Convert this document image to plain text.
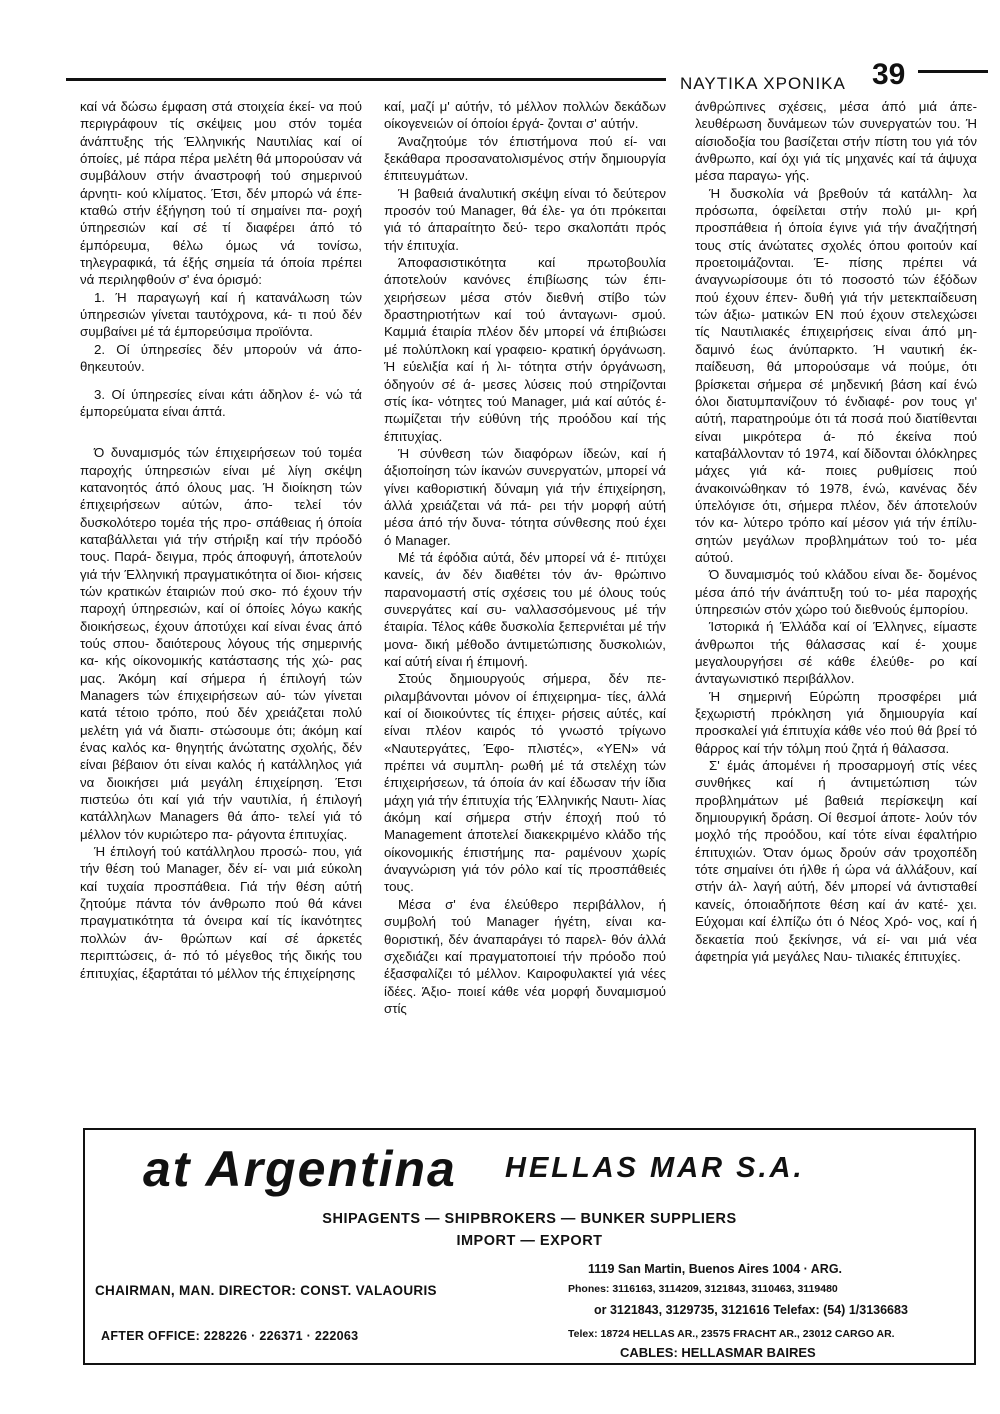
ΝΑΥΤΙΚΑ ΧΡΟΝΙΚΑ 39

καί νά δώσω έμφαση στά στοιχεία έκεί- να πού περιγράφουν τίς σκέψεις μου στόν τομέα άνάπτυξης τής Έλληνικής Ναυτιλίας καί οί όποίες, μέ πάρα πέρα μελέτη θά μπορούσαν νά συμβάλουν στήν άναστροφή τού σημερινού άρνητι- κού κλίματος. Έτσι, δέν μπορώ νά έπε- κταθώ στήν έξήγηση τού τί σημαίνει πα- ροχή ύπηρεσιών καί σέ τί διαφέρει άπό τό έμπόρευμα, θέλω όμως νά τονίσω, τηλεγραφικά, τά έξής σημεία τά όποία πρέπει νά περιληφθούν σ' ένα όρισμό:

1. Ή παραγωγή καί ή κατανάλωση τών ύπηρεσιών γίνεται ταυτόχρονα, κά- τι πού δέν συμβαίνει μέ τά έμπορεύσιμα προϊόντα.

2. Οί ύπηρεσίες δέν μπορούν νά άπο- θηκευτούν.

3. Οί ύπηρεσίες είναι κάτι άδηλον έ- νώ τά έμπορεύματα είναι άπτά.

Ό δυναμισμός τών έπιχειρήσεων τού τομέα παροχής ύπηρεσιών είναι μέ λίγη σκέψη κατανοητός άπό όλους μας. Ή διοίκηση τών έπιχειρήσεων αύτών, άπο- τελεί τόν δυσκολότερο τομέα τής προ- σπάθειας ή όποία καταβάλλεται γιά τήν στήριξη καί τήν πρόοδό τους. Παρά- δειγμα, πρός άποφυγή, άποτελούν γιά τήν Έλληνική πραγματικότητα οί διοι- κήσεις τών κρατικών έταιριών πού σκο- πό έχουν τήν παροχή ύπηρεσιών, καί οί όποίες λόγω κακής διοικήσεως, έχουν άποτύχει καί είναι ένας άπό τούς σπου- δαιότερους λόγους τής σημερινής κα- κής οίκονομικής κατάστασης τής χώ- ρας μας. Άκόμη καί σήμερα ή έπιλογή τών Managers τών έπιχειρήσεων αύ- τών γίνεται κατά τέτοιο τρόπο, πού δέν χρειάζεται πολύ μελέτη γιά νά διαπι- στώσουμε ότι; άκόμη καί ένας καλός κα- θηγητής άνώτατης σχολής, δέν είναι βέβαιον ότι είναι καλός ή κατάλληλος γιά να διοικήσει μιά μεγάλη έπιχείρηση. Έτσι πιστεύω ότι καί γιά τήν ναυτιλία, ή έπιλογή κατάλληλων Managers θά άπο- τελεί γιά τό μέλλον τόν κυριώτερο πα- ράγοντα έπιτυχίας.

Ή έπιλογή τού κατάλληλου προσώ- που, γιά τήν θέση τού Manager, δέν εί- ναι μιά εύκολη καί τυχαία προσπάθεια. Γιά τήν θέση αύτή ζητούμε πάντα τόν άνθρωπο πού θά κάνει πραγματικότητα τά όνειρα καί τίς ίκανότητες πολλών άν- θρώπων καί σέ άρκετές περιπτώσεις, ά- πό τό μέγεθος τής δικής του έπιτυχίας, έξαρτάται τό μέλλον τής έπιχείρησης

καί, μαζί μ' αύτήν, τό μέλλον πολλών δεκάδων οίκογενειών οί όποίοι έργά- ζονται σ' αύτήν.

Άναζητούμε τόν έπιστήμονα πού εί- ναι ξεκάθαρα προσανατολισμένος στήν δημιουργία έπιτευγμάτων.

Ή βαθειά άναλυτική σκέψη είναι τό δεύτερον προσόν τού Manager, θά έλε- γα ότι πρόκειται γιά τό άπαραίτητο δεύ- τερο σκαλοπάτι πρός τήν έπιτυχία.

Άποφασιστικότητα καί πρωτοβουλία άποτελούν κανόνες έπιβίωσης τών έπι- χειρήσεων μέσα στόν διεθνή στίβο τών δραστηριοτήτων καί τού άνταγωνι- σμού. Καμμιά έταιρία πλέον δέν μπορεί νά έπιβιώσει μέ πολύπλοκη καί γραφειο- κρατική όργάνωση. Ή εύελιξία καί ή λι- τότητα στήν όργάνωση, όδηγούν σέ ά- μεσες λύσεις πού στηρίζονται στίς ίκα- νότητες τού Manager, μιά καί αύτός έ- πωμίζεται τήν εύθύνη τής προόδου καί τής έπιτυχίας.

Ή σύνθεση τών διαφόρων ίδεών, καί ή άξιοποίηση τών ίκανών συνεργατών, μπορεί νά γίνει καθοριστική δύναμη γιά τήν έπιχείρηση, άλλά χρειάζεται νά πά- ρει τήν μορφή αύτή μέσα άπό τήν δυνα- τότητα σύνθεσης πού έχει ό Manager.

Μέ τά έφόδια αύτά, δέν μπορεί νά έ- πιτύχει κανείς, άν δέν διαθέτει τόν άν- θρώπινο παρανομαστή στίς σχέσεις του μέ όλους τούς συνεργάτες καί συ- ναλλασσόμενους μέ τήν έταιρία. Τέλος κάθε δυσκολία ξεπερνιέται μέ τήν μονα- δική μέθοδο άντιμετώπισης δυσκολιών, καί αύτή είναι ή έπιμονή.

Στούς δημιουργούς σήμερα, δέν πε- ριλαμβάνονται μόνον οί έπιχειρημα- τίες, άλλά καί οί διοικούντες τίς έπιχει- ρήσεις αύτές, καί είναι πλέον καιρός τό γνωστό τρίγωνο «Ναυτεργάτες, Έφο- πλιστές», «ΥΕΝ» νά πρέπει νά συμπλη- ρωθή μέ τά στελέχη τών έπιχειρήσεων, τά όποία άν καί έδωσαν τήν ίδια μάχη γιά τήν έπιτυχία τής Έλληνικής Ναυτι- λίας άκόμη καί σήμερα στήν έποχή πού τό Management άποτελεί διακεκριμένο κλάδο τής οίκονομικής έπιστήμης πα- ραμένουν χωρίς άναγνώριση γιά τόν ρόλο καί τίς προσπάθειές τους.

Μέσα σ' ένα έλεύθερο περιβάλλον, ή συμβολή τού Manager ήγέτη, είναι κα- θοριστική, δέν άναπαράγει τό παρελ- θόν άλλά σχεδιάζει καί πραγματοποιεί τήν πρόοδο πού έξασφαλίζει τό μέλλον. Καιροφυλακτεί γιά νέες ίδέες. Άξιο- ποιεί κάθε νέα μορφή δυναμισμού στίς

άνθρώπινες σχέσεις, μέσα άπό μιά άπε- λευθέρωση δυνάμεων τών συνεργατών του. Ή αίσιοδοξία του βασίζεται στήν πίστη του γιά τόν άνθρωπο, καί όχι γιά τίς μηχανές καί τά άψυχα μέσα παραγω- γής.

Ή δυσκολία νά βρεθούν τά κατάλλη- λα πρόσωπα, όφείλεται στήν πολύ μι- κρή προσπάθεια ή όποία έγινε γιά τήν άναζήτησή τους στίς άνώτατες σχολές όπου φοιτούν καί προετοιμάζονται. Έ- πίσης πρέπει νά άναγνωρίσουμε ότι τό ποσοστό τών έξόδων πού έχουν έπεν- δυθή γιά τήν μετεκπαίδευση τών άξιω- ματικών ΕΝ πού έχουν στελεχώσει τίς Ναυτιλιακές έπιχειρήσεις είναι άπό μη- δαμινό έως άνύπαρκτο. Ή ναυτική έκ- παίδευση, θά μπορούσαμε νά πούμε, ότι βρίσκεται σήμερα σέ μηδενική βάση καί ένώ όλοι διατυμπανίζουν τό ένδιαφέ- ρον τους γι' αύτή, παρατηρούμε ότι τά ποσά πού διατίθενται είναι μικρότερα ά- πό έκείνα πού καταβάλλονταν τό 1974, καί δίδονται όλόκληρες μάχες γιά κά- ποιες ρυθμίσεις πού άνακοινώθηκαν τό 1978, ένώ, κανένας δέν ύπελόγισε ότι, σήμερα πλέον, δέν άποτελούν τόν κα- λύτερο τρόπο καί μέσον γιά τήν έπίλυ- σητών μεγάλων προβλημάτων τού το- μέα αύτού.

Ό δυναμισμός τού κλάδου είναι δε- δομένος μέσα άπό τήν άνάπτυξη τού το- μέα παροχής ύπηρεσιών στόν χώρο τού διεθνούς έμπορίου.

Ίστορικά ή Έλλάδα καί οί Έλληνες, είμαστε άνθρωποι τής θάλασσας καί έ- χουμε μεγαλουργήσει σέ κάθε έλεύθε- ρο καί άνταγωνιστικό περιβάλλον.

Ή σημερινή Εύρώπη προσφέρει μιά ξεχωριστή πρόκληση γιά δημιουργία καί προσκαλεί γιά έπιτυχία κάθε νέο πού θά βρεί τό θάρρος καί τήν τόλμη πού ζητά ή θάλασσα.

Σ' έμάς άπομένει ή προσαρμογή στίς νέες συνθήκες καί ή άντιμετώπιση τών προβλημάτων μέ βαθειά περίσκεψη καί δημιουργική δράση. Οί θεσμοί άποτε- λούν τόν μοχλό τής προόδου, καί τότε είναι έφαλτήριο έπιτυχιών. Όταν όμως δρούν σάν τροχοπέδη τότε σημαίνει ότι ήλθε ή ώρα νά άλλάξουν, καί στήν άλ- λαγή αύτή, δέν μπορεί νά άντισταθεί κανείς, όποιαδήποτε θέση καί άν κατέ- χει. Εύχομαι καί έλπίζω ότι ό Νέος Χρό- νος, καί ή δεκαετία πού ξεκίνησε, νά εί- ναι μιά νέα άφετηρία γιά μεγάλες Ναυ- τιλιακές έπιτυχίες.

at Argentina HELLAS MAR S.A.
SHIPAGENTS — SHIPBROKERS — BUNKER SUPPLIERS
IMPORT — EXPORT
CHAIRMAN, MAN. DIRECTOR: CONST. VALAOURIS
AFTER OFFICE: 228226 · 226371 · 222063
1119 San Martin, Buenos Aires 1004 · ARG.
Phones: 3116163, 3114209, 3121843, 3110463, 3119480
or 3121843, 3129735, 3121616 Telefax: (54) 1/3136683
Telex: 18724 HELLAS AR., 23575 FRACHT AR., 23012 CARGO AR.
CABLES: HELLASMAR BAIRES
